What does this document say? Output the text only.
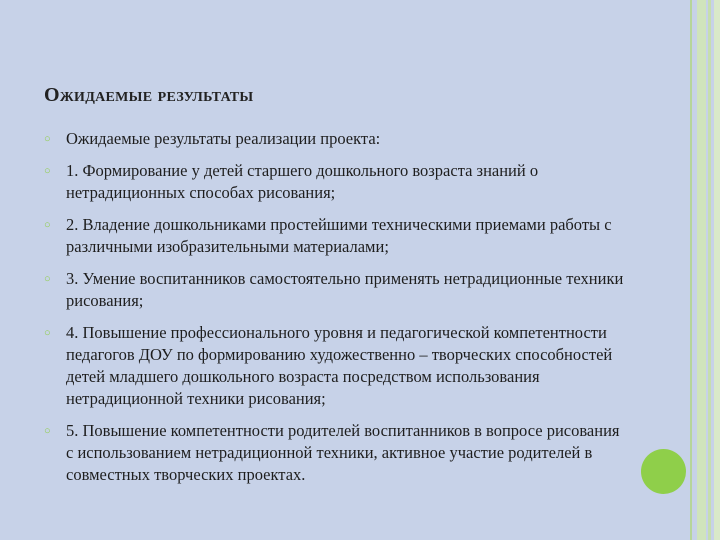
Ожидаемые результаты
○ Ожидаемые результаты реализации проекта:
○ 1. Формирование у детей старшего дошкольного возраста знаний о нетрадиционных способах рисования;
○ 2. Владение дошкольниками простейшими техническими приемами работы с различными изобразительными материалами;
○ 3. Умение воспитанников самостоятельно применять нетрадиционные техники рисования;
○ 4. Повышение профессионального уровня и педагогической компетентности педагогов ДОУ по формированию художественно – творческих способностей детей младшего дошкольного возраста посредством использования нетрадиционной техники рисования;
○ 5. Повышение компетентности родителей воспитанников в вопросе рисования с использованием нетрадиционной техники, активное участие родителей в совместных творческих проектах.
